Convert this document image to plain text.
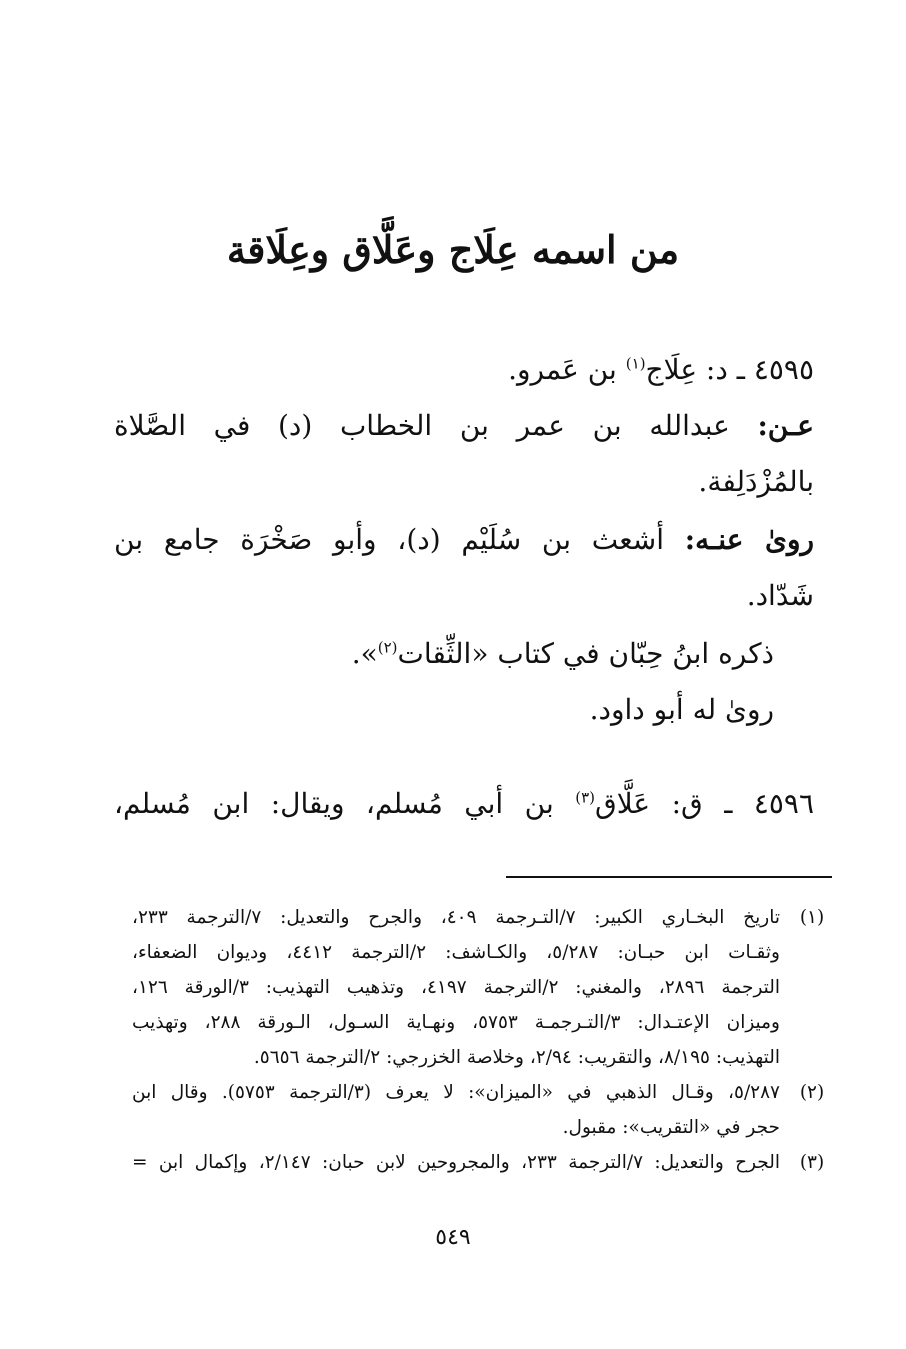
من اسمه عِلَاج وعَلَّاق وعِلَاقة
٤٥٩٥ ـ د: عِلَاج$^{(١)}$ بن عَمرو.
عـن: عبدالله بن عمر بن الخطاب (د) في الصَّلاة
بالمُزْدَلِفة.
روىٰ عنـه: أشعث بن سُلَيْم (د)، وأبو صَخْرَة جامع بن
شَدّاد.
ذكره ابنُ حِبّان في كتاب «الثِّقات$^{(٢)}$».
روىٰ له أبو داود.
٤٥٩٦ ـ ق: عَلَّاق$^{(٣)}$ بن أبي مُسلم، ويقال: ابن مُسلم،
(١)
تاريخ البخـاري الكبير: ٧/التـرجمة ٤٠٩، والجرح والتعديل: ٧/الترجمة ٢٣٣،
وثقـات ابن حبـان: ٥/٢٨٧، والكـاشف: ٢/الترجمة ٤٤١٢، وديوان الضعفاء،
الترجمة ٢٨٩٦، والمغني: ٢/الترجمة ٤١٩٧، وتذهيب التهذيب: ٣/الورقة ١٢٦،
وميزان الإعتـدال: ٣/التـرجمـة ٥٧٥٣، ونهـاية السـول، الـورقة ٢٨٨، وتهذيب
التهذيب: ٨/١٩٥، والتقريب: ٢/٩٤، وخلاصة الخزرجي: ٢/الترجمة ٥٦٥٦.
(٢)
٥/٢٨٧، وقـال الذهبي في «الميزان»: لا يعرف (٣/الترجمة ٥٧٥٣). وقال ابن
حجر في «التقريب»: مقبول.
(٣)
الجرح والتعديل: ٧/الترجمة ٢٣٣، والمجروحين لابن حبان: ٢/١٤٧، وإكمال ابن =
٥٤٩
